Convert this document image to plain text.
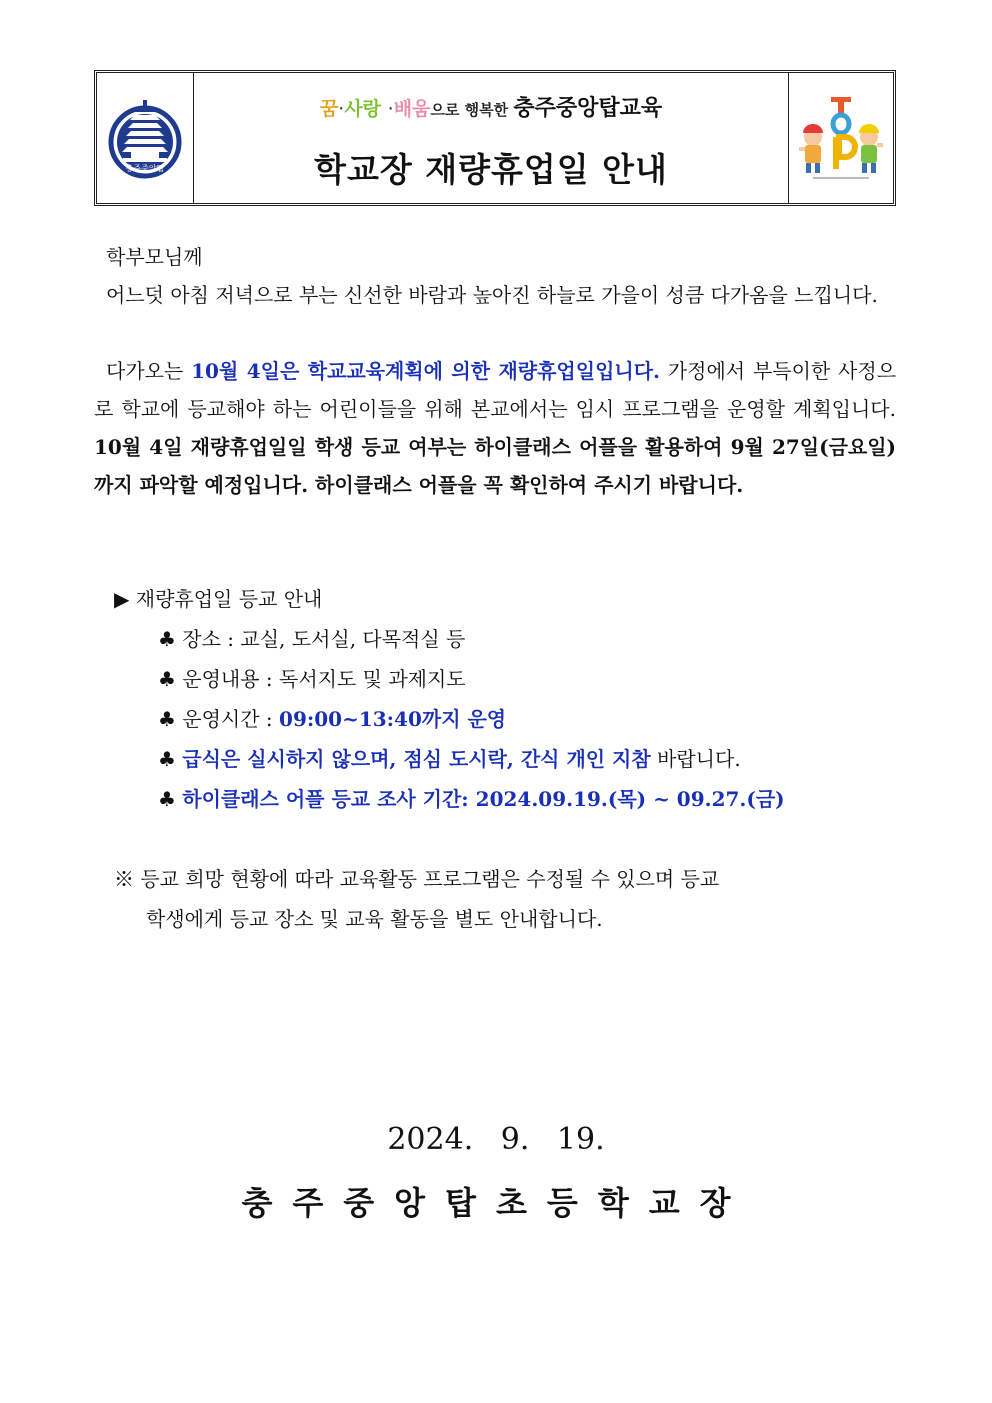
충주중앙탑
꿈·사랑 ·배움으로 행복한 충주중앙탑교육
학교장 재량휴업일 안내
학부모님께
어느덧 아침 저녁으로 부는 신선한 바람과 높아진 하늘로 가을이 성큼 다가옴을 느낍니다.
다가오는 10월 4일은 학교교육계획에 의한 재량휴업일입니다. 가정에서 부득이한 사정으로 학교에 등교해야 하는 어린이들을 위해 본교에서는 임시 프로그램을 운영할 계획입니다. 10월 4일 재량휴업일일 학생 등교 여부는 하이클래스 어플을 활용하여 9월 27일(금요일)까지 파악할 예정입니다. 하이클래스 어플을 꼭 확인하여 주시기 바랍니다.
▶ 재량휴업일 등교 안내
♣ 장소 : 교실, 도서실, 다목적실 등
♣ 운영내용 : 독서지도 및 과제지도
♣ 운영시간 : 09:00~13:40까지 운영
♣ 급식은 실시하지 않으며, 점심 도시락, 간식 개인 지참 바랍니다.
♣ 하이클래스 어플 등교 조사 기간: 2024.09.19.(목) ~ 09.27.(금)
※ 등교 희망 현황에 따라 교육활동 프로그램은 수정될 수 있으며 등교
학생에게 등교 장소 및 교육 활동을 별도 안내합니다.
2024. 9. 19.
충주중앙탑초등학교장
